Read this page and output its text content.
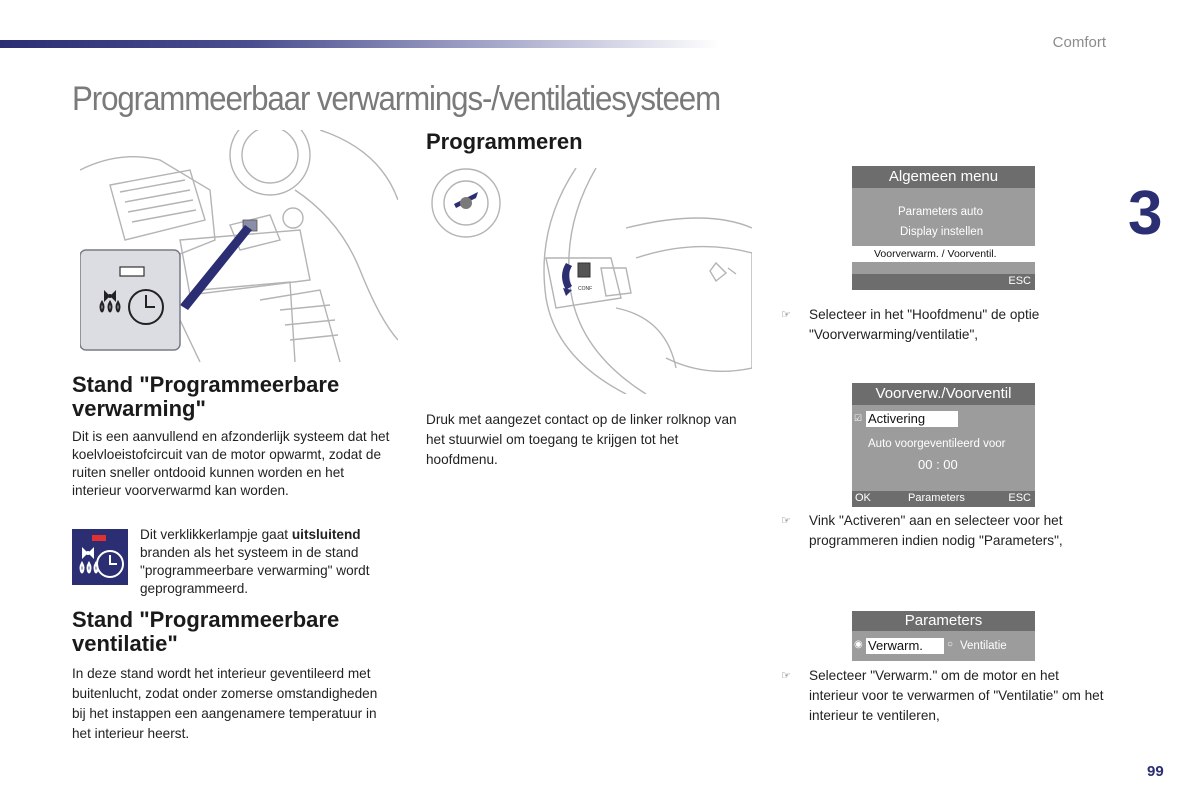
Comfort
Programmeerbaar verwarmings-/ventilatiesysteem
3
99
Programmeren
CONF
Stand "Programmeerbare verwarming"
Dit is een aanvullend en afzonderlijk systeem dat het koelvloeistofcircuit van de motor opwarmt, zodat de ruiten sneller ontdooid kunnen worden en het interieur voorverwarmd kan worden.
Dit verklikkerlampje gaat uitsluitend branden als het systeem in de stand "programmeerbare verwarming" wordt geprogrammeerd.
Stand "Programmeerbare ventilatie"
In deze stand wordt het interieur geventileerd met buitenlucht, zodat onder zomerse omstandigheden bij het instappen een aangenamere temperatuur in het interieur heerst.
Druk met aangezet contact op de linker rolknop van het stuurwiel om toegang te krijgen tot het hoofdmenu.
Algemeen menu
Parameters auto
Display instellen
Voorverwarm. / Voorventil.
ESC
☞ Selecteer in het "Hoofdmenu" de optie "Voorverwarming/ventilatie",
Voorverw./Voorventil
☑ Activering
Auto voorgeventileerd voor
00 : 00
OK	Parameters	ESC
☞ Vink "Activeren" aan en selecteer voor het programmeren indien nodig "Parameters",
Parameters
◉ Verwarm.	○ Ventilatie
☞ Selecteer "Verwarm." om de motor en het interieur voor te verwarmen of "Ventilatie" om het interieur te ventileren,
